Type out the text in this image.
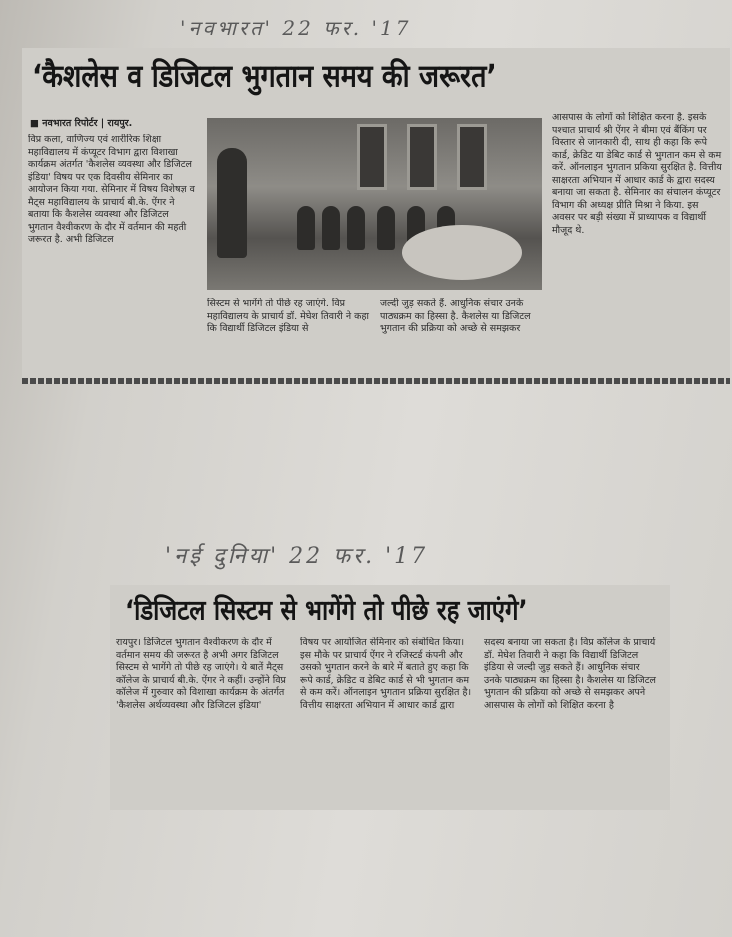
'नवभारत' 22 फर. '17
‘कैशलेस व डिजिटल भुगतान समय की जरूरत’
■ नवभारत रिपोर्टर | रायपुर.
विप्र कला, वाणिज्य एवं शारीरिक शिक्षा महाविद्यालय में कंप्यूटर विभाग द्वारा विशाखा कार्यक्रम अंतर्गत 'कैशलेस व्यवस्था और डिजिटल इंडिया' विषय पर एक दिवसीय सेमिनार का आयोजन किया गया. सेमिनार में विषय विशेषज्ञ व मैट्स महाविद्यालय के प्राचार्य बी.के. ऐंगर ने बताया कि कैशलेस व्यवस्था और डिजिटल भुगतान वैश्वीकरण के दौर में वर्तमान की महती जरूरत है. अभी डिजिटल
सिस्टम से भागेंगे तो पीछे रह जाएंगे. विप्र महाविद्यालय के प्राचार्य डॉ. मेघेश तिवारी ने कहा कि विद्यार्थी डिजिटल इंडिया से
जल्दी जुड़ सकते हैं. आधुनिक संचार उनके पाठ्यक्रम का हिस्सा है. कैशलेस या डिजिटल भुगतान की प्रक्रिया को अच्छे से समझकर
आसपास के लोगों को शिक्षित करना है. इसके पश्चात प्राचार्य श्री ऐंगर ने बीमा एवं बैंकिंग पर विस्तार से जानकारी दी, साथ ही कहा कि रूपे कार्ड, क्रेडिट या डेबिट कार्ड से भुगतान कम से कम करें. ऑनलाइन भुगतान प्रकिया सुरक्षित है. वित्तीय साक्षरता अभियान में आधार कार्ड के द्वारा सदस्य बनाया जा सकता है. सेमिनार का संचालन कंप्यूटर विभाग की अध्यक्ष प्रीति मिश्रा ने किया. इस अवसर पर बड़ी संख्या में प्राध्यापक व विद्यार्थी मौजूद थे.
'नई दुनिया' 22 फर. '17
‘डिजिटल सिस्टम से भागेंगे तो पीछे रह जाएंगे’
रायपुर। डिजिटल भुगतान वैश्वीकरण के दौर में वर्तमान समय की जरूरत है अभी अगर डिजिटल सिस्टम से भागेंगे तो पीछे रह जाएंगे। ये बातें मैट्स कॉलेज के प्राचार्य बी.के. ऐंगर ने कहीं। उन्होंने विप्र कॉलेज में गुरुवार को विशाखा कार्यक्रम के अंतर्गत 'कैशलेस अर्थव्यवस्था और डिजिटल इंडिया'
विषय पर आयोजित सेमिनार को संबोधित किया। इस मौके पर प्राचार्य ऐंगर ने रजिस्टर्ड कंपनी और उसको भुगतान करने के बारे में बताते हुए कहा कि रूपे कार्ड, क्रेडिट व डेबिट कार्ड से भी भुगतान कम से कम करें। ऑनलाइन भुगतान प्रक्रिया सुरक्षित है। वित्तीय साक्षरता अभियान में आधार कार्ड द्वारा
सदस्य बनाया जा सकता है। विप्र कॉलेज के प्राचार्य डॉ. मेघेश तिवारी ने कहा कि विद्यार्थी डिजिटल इंडिया से जल्दी जुड़ सकते हैं। आधुनिक संचार उनके पाठ्यक्रम का हिस्सा है। कैशलेस या डिजिटल भुगतान की प्रक्रिया को अच्छे से समझकर अपने आसपास के लोगों को शिक्षित करना है
